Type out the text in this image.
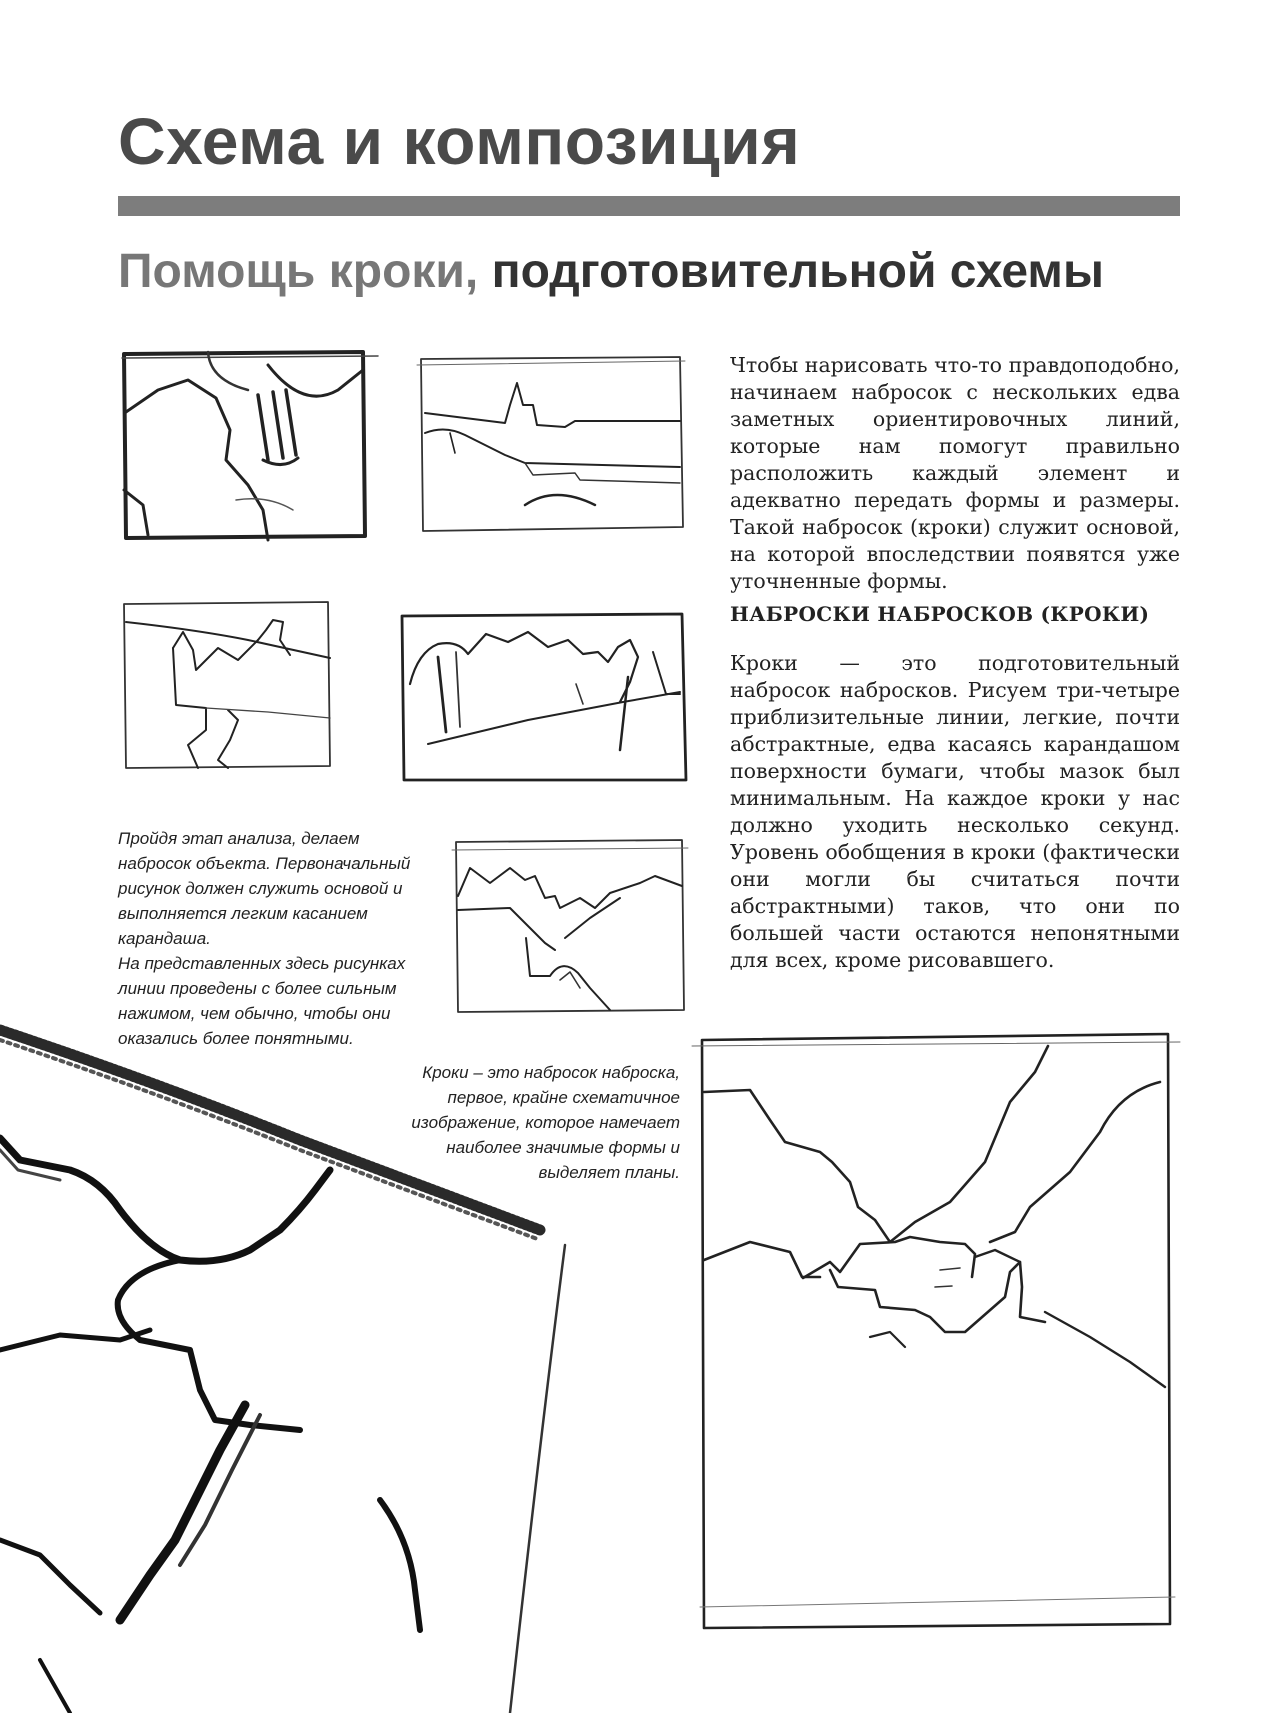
Схема и композиция
Помощь кроки, подготовительной схемы

Чтобы нарисовать что-то правдоподобно, начинаем набросок с нескольких едва заметных ориентировочных линий, которые нам помогут правильно расположить каждый элемент и адекватно передать формы и размеры. Такой набросок (кроки) служит основой, на которой впоследствии появятся уже уточненные формы.

НАБРОСКИ НАБРОСКОВ (КРОКИ)

Кроки — это подготовительный набросок набросков. Рисуем три-четыре приблизительные линии, легкие, почти абстрактные, едва касаясь карандашом поверхности бумаги, чтобы мазок был минимальным. На каждое кроки у нас должно уходить несколько секунд. Уровень обобщения в кроки (фактически они могли бы считаться почти абстрактными) таков, что они по большей части остаются непонятными для всех, кроме рисовавшего.

Пройдя этап анализа, делаем набросок объекта. Первоначальный рисунок должен служить основой и выполняется легким касанием карандаша.
На представленных здесь рисунках линии проведены с более сильным нажимом, чем обычно, чтобы они оказались более понятными.

Кроки – это набросок наброска, первое, крайне схематичное изображение, которое намечает наиболее значимые формы и выделяет планы.
